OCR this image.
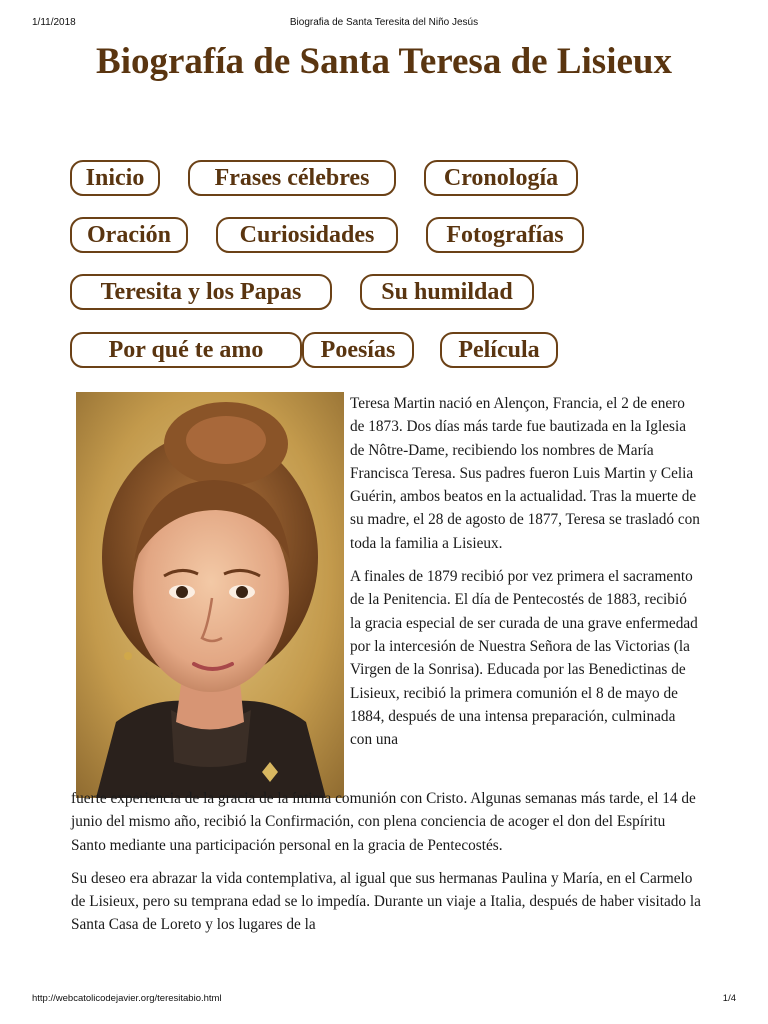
1/11/2018	Biografia de Santa Teresita del Niño Jesús
Biografía de Santa Teresa de Lisieux
Inicio	Frases célebres	Cronología
Oración	Curiosidades	Fotografías
Teresita y los Papas	Su humildad
Por qué te amo	Poesías	Película

Teresa Martin nació en Alençon, Francia, el 2 de enero de 1873. Dos días más tarde fue bautizada en la Iglesia de Nôtre-Dame, recibiendo los nombres de María Francisca Teresa. Sus padres fueron Luis Martin y Celia Guérin, ambos beatos en la actualidad. Tras la muerte de su madre, el 28 de agosto de 1877, Teresa se trasladó con toda la familia a Lisieux.

A finales de 1879 recibió por vez primera el sacramento de la Penitencia. El día de Pentecostés de 1883, recibió la gracia especial de ser curada de una grave enfermedad por la intercesión de Nuestra Señora de las Victorias (la Virgen de la Sonrisa). Educada por las Benedictinas de Lisieux, recibió la primera comunión el 8 de mayo de 1884, después de una intensa preparación, culminada con una

fuerte experiencia de la gracia de la íntima comunión con Cristo. Algunas semanas más tarde, el 14 de junio del mismo año, recibió la Confirmación, con plena conciencia de acoger el don del Espíritu Santo mediante una participación personal en la gracia de Pentecostés.

Su deseo era abrazar la vida contemplativa, al igual que sus hermanas Paulina y María, en el Carmelo de Lisieux, pero su temprana edad se lo impedía. Durante un viaje a Italia, después de haber visitado la Santa Casa de Loreto y los lugares de la

http://webcatolicodejavier.org/teresitabio.html	1/4
